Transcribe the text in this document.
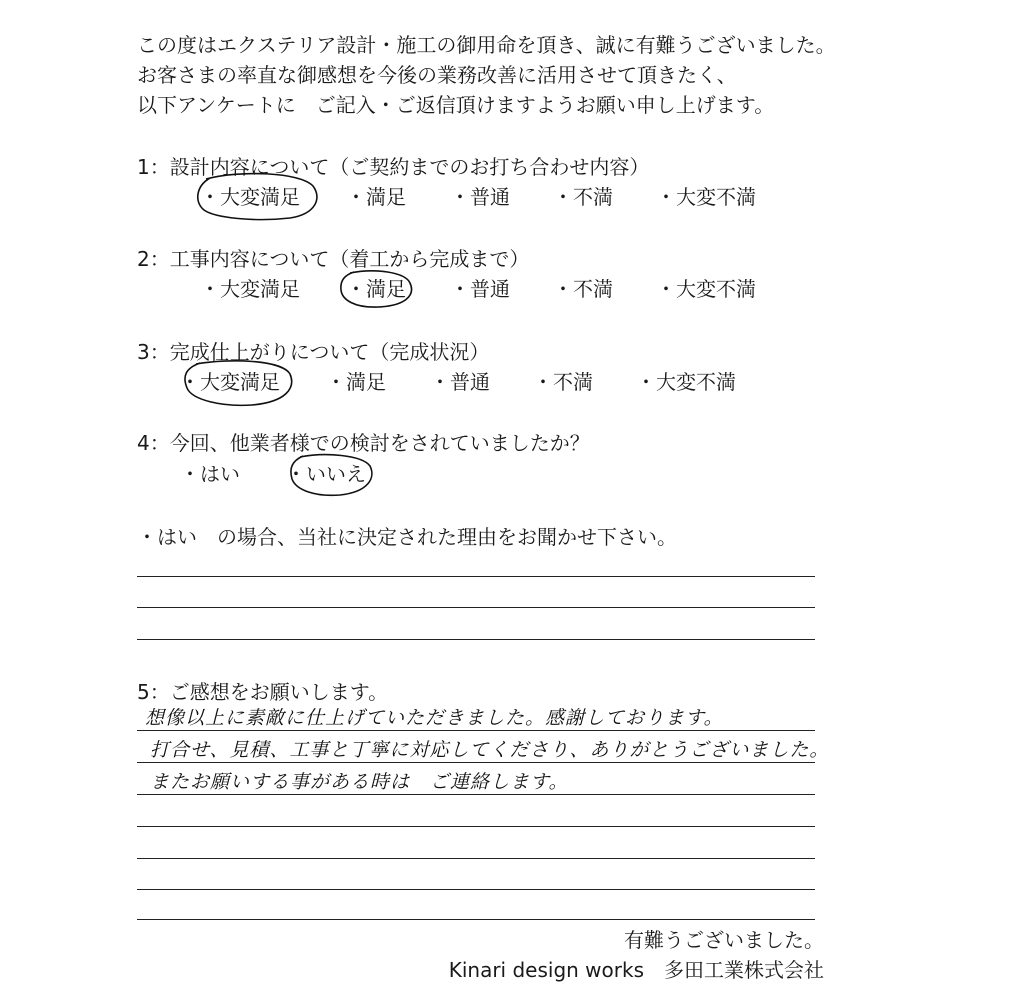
この度はエクステリア設計・施工の御用命を頂き、誠に有難うございました。
お客さまの率直な御感想を今後の業務改善に活用させて頂きたく、
以下アンケートに　ご記入・ご返信頂けますようお願い申し上げます。
1：設計内容について（ご契約までのお打ち合わせ内容）
・大変満足 ・満足 ・普通 ・不満 ・大変不満
2：工事内容について（着工から完成まで）
・大変満足 ・満足 ・普通 ・不満 ・大変不満
3：完成仕上がりについて（完成状況）
・大変満足 ・満足 ・普通 ・不満 ・大変不満
4：今回、他業者様での検討をされていましたか？
・はい ・いいえ
・はい　の場合、当社に決定された理由をお聞かせ下さい。
5：ご感想をお願いします。
想像以上に素敵に仕上げていただきました。感謝しております。
打合せ、見積、工事と丁寧に対応してくださり、ありがとうございました。
またお願いする事がある時は　ご連絡します。
有難うございました。
Kinari design works　多田工業株式会社
